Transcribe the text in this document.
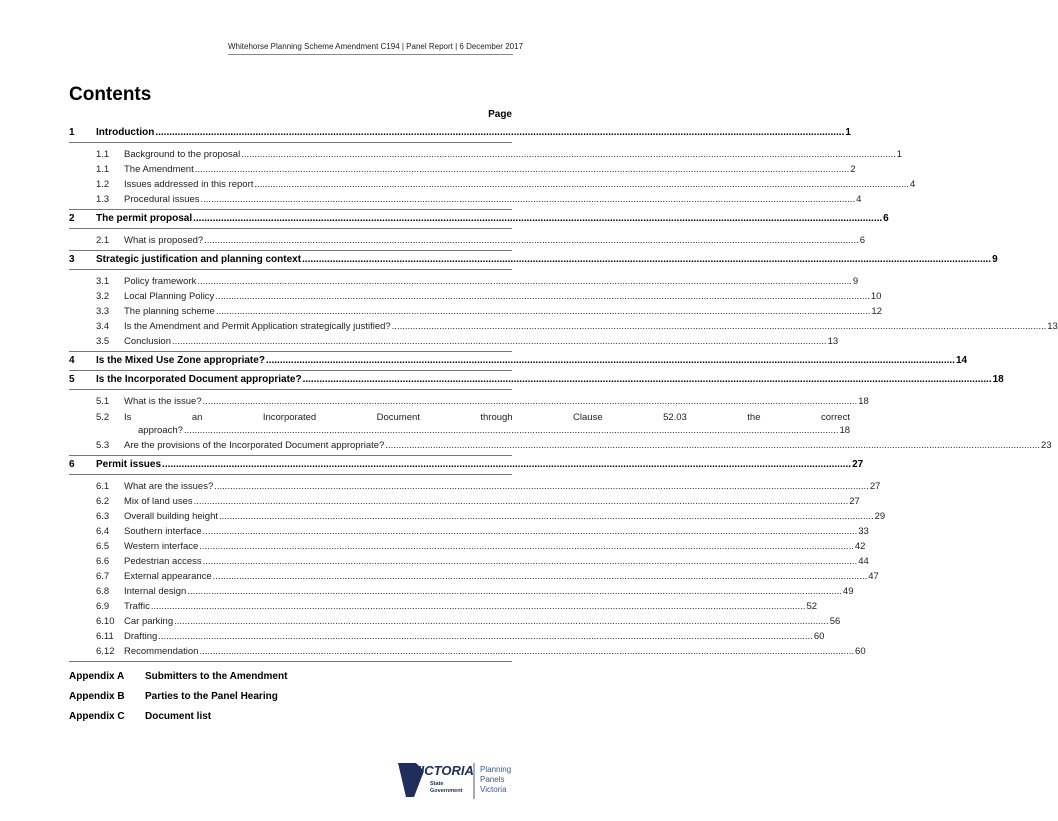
Whitehorse Planning Scheme Amendment C194 | Panel Report | 6 December 2017
Contents
Page
1	Introduction .....	1
1.1	Background to the proposal .....	1
1.1	The Amendment .....	2
1.2	Issues addressed in this report .....	4
1.3	Procedural issues .....	4
2	The permit proposal .....	6
2.1	What is proposed? .....	6
3	Strategic justification and planning context .....	9
3.1	Policy framework .....	9
3.2	Local Planning Policy .....	10
3.3	The planning scheme .....	12
3.4	Is the Amendment and Permit Application strategically justified? .....	13
3.5	Conclusion .....	13
4	Is the Mixed Use Zone appropriate? .....	14
5	Is the Incorporated Document appropriate? .....	18
5.1	What is the issue? .....	18
5.2	Is	an	Incorporated	Document	through	Clause	52.03	the	correct
approach? .....	18
5.3	Are the provisions of the Incorporated Document appropriate? .....	23
6	Permit issues .....	27
6.1	What are the issues? .....	27
6.2	Mix of land uses .....	27
6.3	Overall building height .....	29
6.4	Southern interface .....	33
6.5	Western interface .....	42
6.6	Pedestrian access .....	44
6.7	External appearance .....	47
6.8	Internal design .....	49
6.9	Traffic .....	52
6.10	Car parking .....	56
6.11	Drafting .....	60
6.12	Recommendation .....	60
Appendix A	Submitters to the Amendment
Appendix B	Parties to the Panel Hearing
Appendix C	Document list
VICTORIA
State
Government
Planning
Panels
Victoria
